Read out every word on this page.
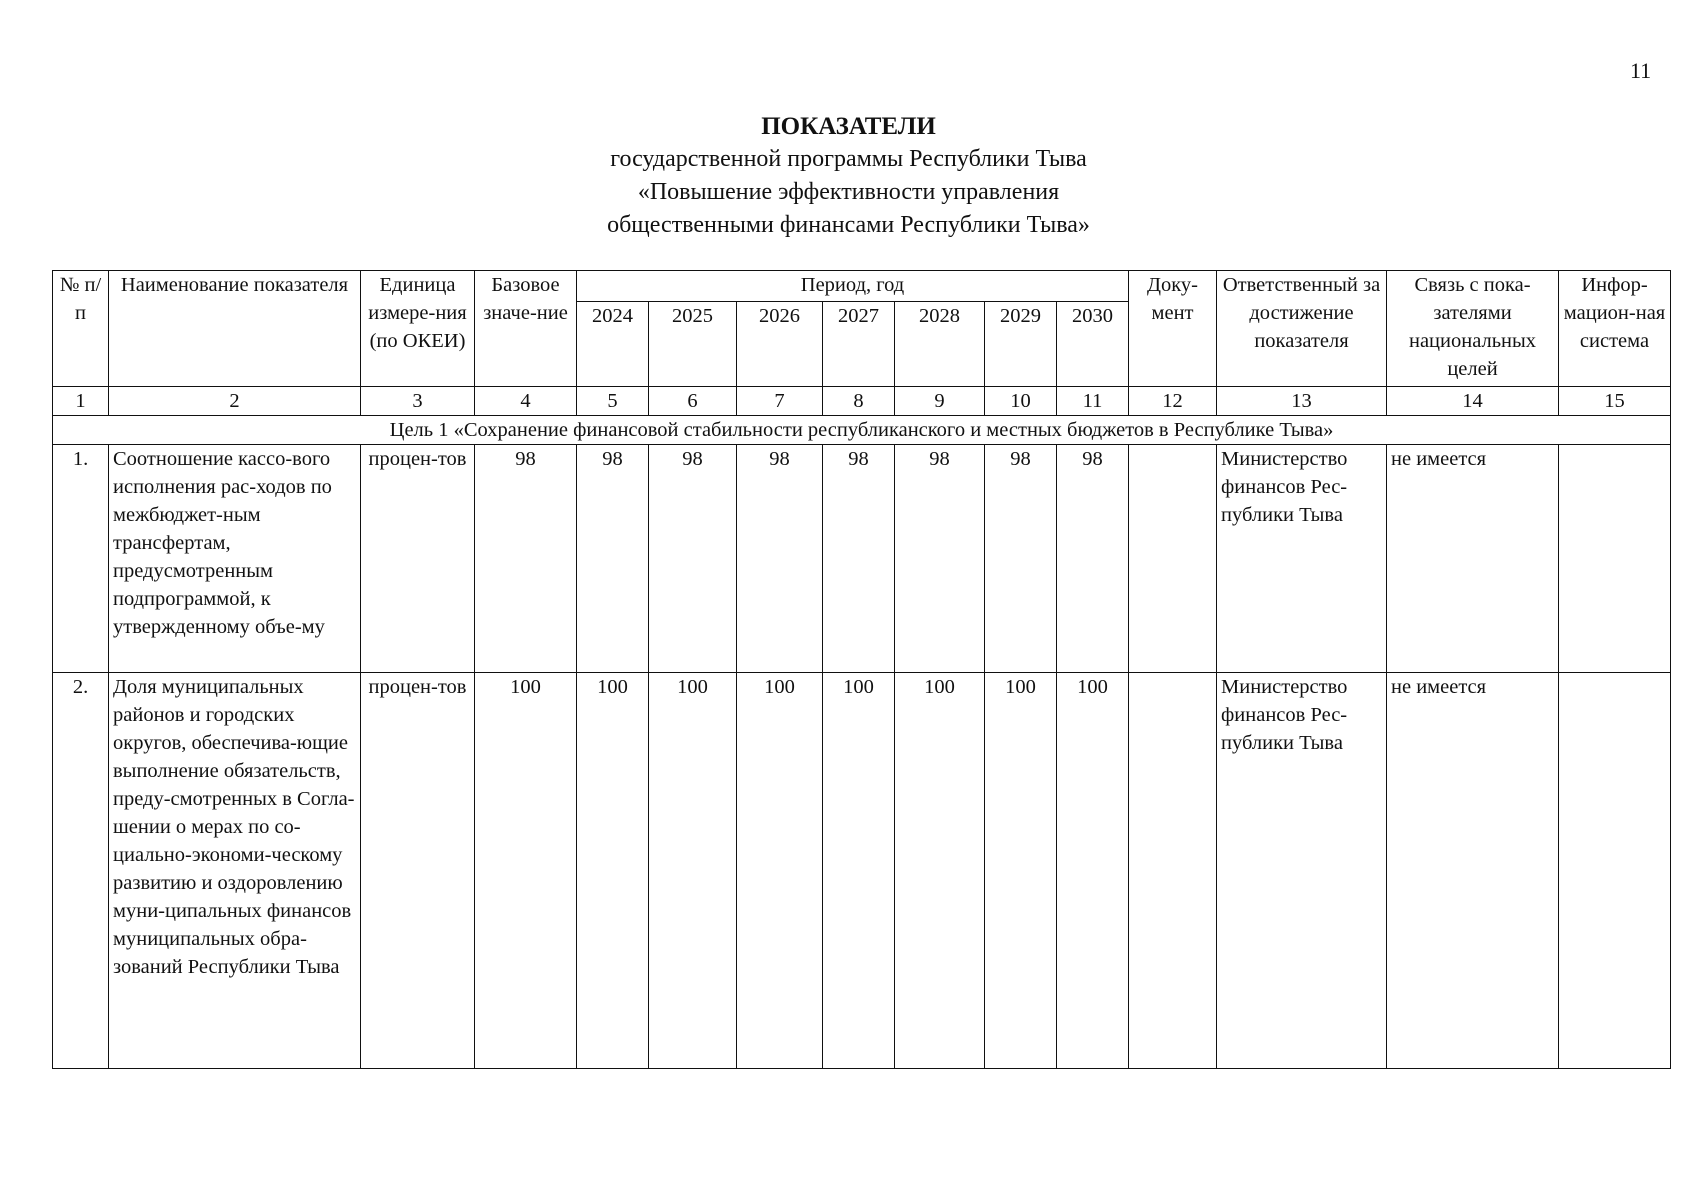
11
ПОКАЗАТЕЛИ
государственной программы Республики Тыва
«Повышение эффективности управления
общественными финансами Республики Тыва»
№ п/п	Наименование показателя	Единица измере-ния (по ОКЕИ)	Базовое значе-ние	Период, год							Доку-мент	Ответственный за достижение показателя	Связь с пока-зателями национальных целей	Инфор-мацион-ная система
				2024	2025	2026	2027	2028	2029	2030				
1	2	3	4	5	6	7	8	9	10	11	12	13	14	15
Цель 1 «Сохранение финансовой стабильности республиканского и местных бюджетов в Республике Тыва»														
1.	Соотношение кассо-вого исполнения рас-ходов по межбюджет-ным трансфертам, предусмотренным подпрограммой, к утвержденному объе-му	процен-тов	98	98	98	98	98	98	98	98		Министерство финансов Рес-публики Тыва	не имеется	
2.	Доля муниципальных районов и городских округов, обеспечива-ющие выполнение обязательств, преду-смотренных в Согла-шении о мерах по со-циально-экономи-ческому развитию и оздоровлению муни-ципальных финансов муниципальных обра-зований Республики Тыва	процен-тов	100	100	100	100	100	100	100	100		Министерство финансов Рес-публики Тыва	не имеется	
